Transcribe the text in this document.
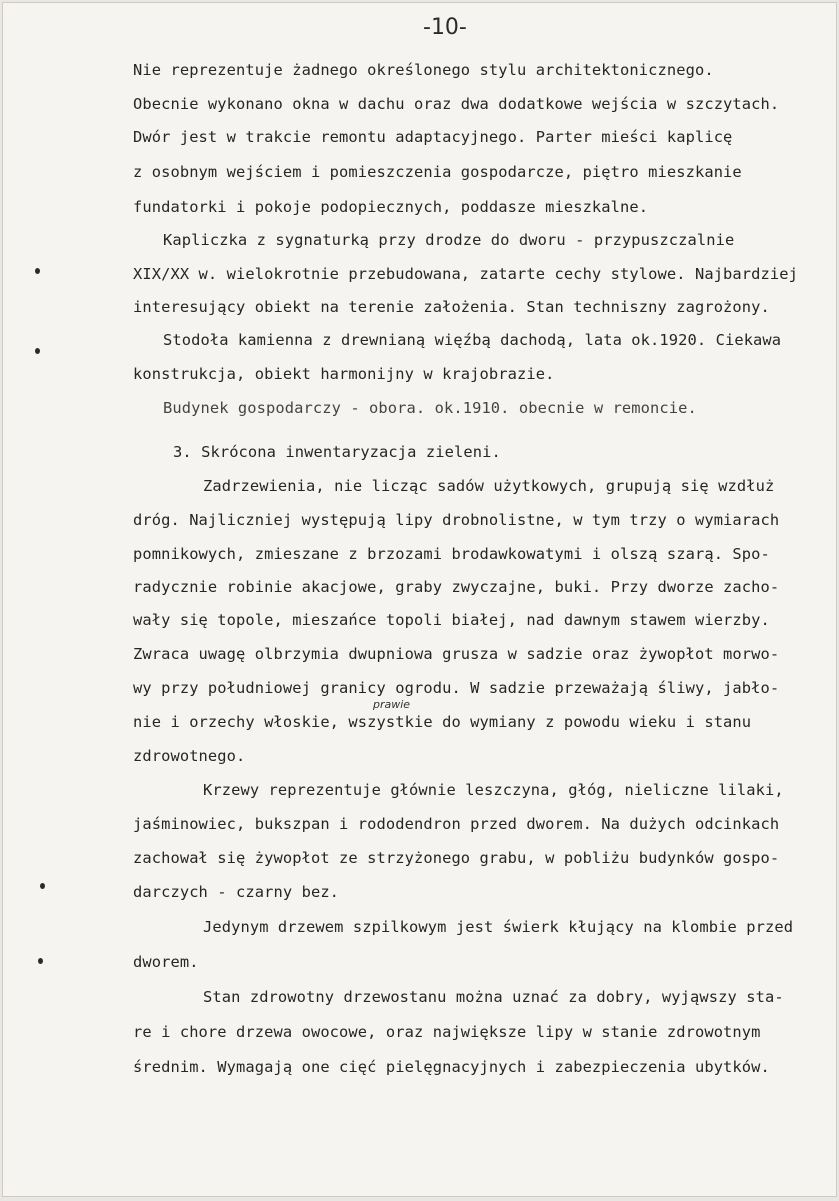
-10-
Nie reprezentuje żadnego określonego stylu architektonicznego.
Obecnie wykonano okna w dachu oraz dwa dodatkowe wejścia w szczytach.
Dwór jest w trakcie remontu adaptacyjnego. Parter mieści kaplicę
z osobnym wejściem i pomieszczenia gospodarcze, piętro mieszkanie
fundatorki i pokoje podopiecznych, poddasze mieszkalne.
Kapliczka z sygnaturką przy drodze do dworu - przypuszczalnie
XIX/XX w. wielokrotnie przebudowana, zatarte cechy stylowe. Najbardziej
interesujący obiekt na terenie założenia. Stan techniszny zagrożony.
Stodoła kamienna z drewnianą więźbą dachodą, lata ok.1920. Ciekawa
konstrukcja, obiekt harmonijny w krajobrazie.
Budynek gospodarczy - obora. ok.1910. obecnie w remoncie.
3. Skrócona inwentaryzacja zieleni.
Zadrzewienia, nie licząc sadów użytkowych, grupują się wzdłuż
dróg. Najliczniej występują lipy drobnolistne, w tym trzy o wymiarach
pomnikowych, zmieszane z brzozami brodawkowatymi i olszą szarą. Spo-
radycznie robinie akacjowe, graby zwyczajne, buki. Przy dworze zacho-
wały się topole, mieszańce topoli białej, nad dawnym stawem wierzby.
Zwraca uwagę olbrzymia dwupniowa grusza w sadzie oraz żywopłot morwo-
wy przy południowej granicy ogrodu. W sadzie przeważają śliwy, jabło-
prawie
nie i orzechy włoskie, wszystkie do wymiany z powodu wieku i stanu
zdrowotnego.
Krzewy reprezentuje głównie leszczyna, głóg, nieliczne lilaki,
jaśminowiec, bukszpan i rododendron przed dworem. Na dużych odcinkach
zachował się żywopłot ze strzyżonego grabu, w pobliżu budynków gospo-
darczych - czarny bez.
Jedynym drzewem szpilkowym jest świerk kłujący na klombie przed
dworem.
Stan zdrowotny drzewostanu można uznać za dobry, wyjąwszy sta-
re i chore drzewa owocowe, oraz największe lipy w stanie zdrowotnym
średnim. Wymagają one cięć pielęgnacyjnych i zabezpieczenia ubytków.
